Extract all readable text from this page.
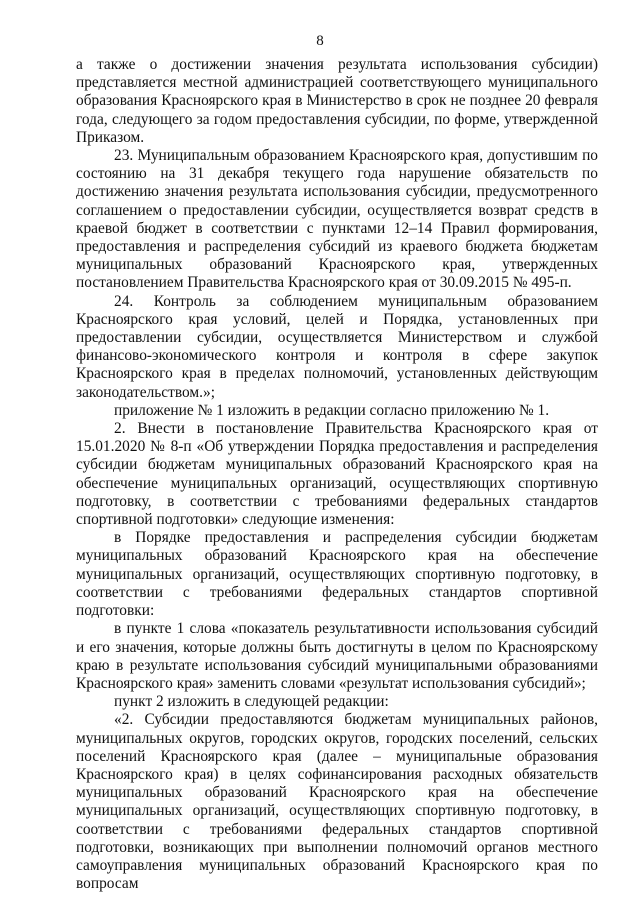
8

а также о достижении значения результата использования субсидии) представляется местной администрацией соответствующего муниципального образования Красноярского края в Министерство в срок не позднее 20 февраля года, следующего за годом предоставления субсидии, по форме, утвержденной Приказом.

23. Муниципальным образованием Красноярского края, допустившим по состоянию на 31 декабря текущего года нарушение обязательств по достижению значения результата использования субсидии, предусмотренного соглашением о предоставлении субсидии, осуществляется возврат средств в краевой бюджет в соответствии с пунктами 12–14 Правил формирования, предоставления и распределения субсидий из краевого бюджета бюджетам муниципальных образований Красноярского края, утвержденных постановлением Правительства Красноярского края от 30.09.2015 № 495-п.

24. Контроль за соблюдением муниципальным образованием Красноярского края условий, целей и Порядка, установленных при предоставлении субсидии, осуществляется Министерством и службой финансово-экономического контроля и контроля в сфере закупок Красноярского края в пределах полномочий, установленных действующим законодательством.»;

приложение № 1 изложить в редакции согласно приложению № 1.

2. Внести в постановление Правительства Красноярского края от 15.01.2020 № 8-п «Об утверждении Порядка предоставления и распределения субсидии бюджетам муниципальных образований Красноярского края на обеспечение муниципальных организаций, осуществляющих спортивную подготовку, в соответствии с требованиями федеральных стандартов спортивной подготовки» следующие изменения:

в Порядке предоставления и распределения субсидии бюджетам муниципальных образований Красноярского края на обеспечение муниципальных организаций, осуществляющих спортивную подготовку, в соответствии с требованиями федеральных стандартов спортивной подготовки:

в пункте 1 слова «показатель результативности использования субсидий и его значения, которые должны быть достигнуты в целом по Красноярскому краю в результате использования субсидий муниципальными образованиями Красноярского края» заменить словами «результат использования субсидий»;

пункт 2 изложить в следующей редакции:

«2. Субсидии предоставляются бюджетам муниципальных районов, муниципальных округов, городских округов, городских поселений, сельских поселений Красноярского края (далее – муниципальные образования Красноярского края) в целях софинансирования расходных обязательств муниципальных образований Красноярского края на обеспечение муниципальных организаций, осуществляющих спортивную подготовку, в соответствии с требованиями федеральных стандартов спортивной подготовки, возникающих при выполнении полномочий органов местного самоуправления муниципальных образований Красноярского края по вопросам
